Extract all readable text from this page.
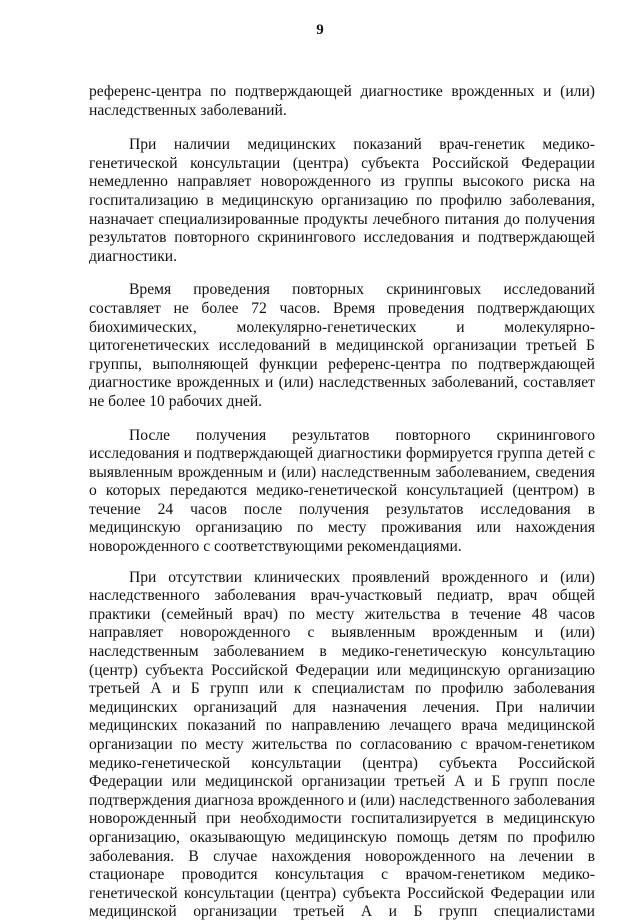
9

референс-центра по подтверждающей диагностике врожденных и (или) наследственных заболеваний.

При наличии медицинских показаний врач-генетик медико-генетической консультации (центра) субъекта Российской Федерации немедленно направляет новорожденного из группы высокого риска на госпитализацию в медицинскую организацию по профилю заболевания, назначает специализированные продукты лечебного питания до получения результатов повторного скринингового исследования и подтверждающей диагностики.

Время проведения повторных скрининговых исследований составляет не более 72 часов. Время проведения подтверждающих биохимических, молекулярно-генетических и молекулярно-цитогенетических исследований в медицинской организации третьей Б группы, выполняющей функции референс-центра по подтверждающей диагностике врожденных и (или) наследственных заболеваний, составляет не более 10 рабочих дней.

После получения результатов повторного скринингового исследования и подтверждающей диагностики формируется группа детей с выявленным врожденным и (или) наследственным заболеванием, сведения о которых передаются медико-генетической консультацией (центром) в течение 24 часов после получения результатов исследования в медицинскую организацию по месту проживания или нахождения новорожденного с соответствующими рекомендациями.

При отсутствии клинических проявлений врожденного и (или) наследственного заболевания врач-участковый педиатр, врач общей практики (семейный врач) по месту жительства в течение 48 часов направляет новорожденного с выявленным врожденным и (или) наследственным заболеванием в медико-генетическую консультацию (центр) субъекта Российской Федерации или медицинскую организацию третьей А и Б групп или к специалистам по профилю заболевания медицинских организаций для назначения лечения. При наличии медицинских показаний по направлению лечащего врача медицинской организации по месту жительства по согласованию с врачом-генетиком медико-генетической консультации (центра) субъекта Российской Федерации или медицинской организации третьей А и Б групп после подтверждения диагноза врожденного и (или) наследственного заболевания новорожденный при необходимости госпитализируется в медицинскую организацию, оказывающую медицинскую помощь детям по профилю заболевания. В случае нахождения новорожденного на лечении в стационаре проводится консультация с врачом-генетиком медико-генетической консультации (центра) субъекта Российской Федерации или медицинской организации третьей А и Б групп специалистами
